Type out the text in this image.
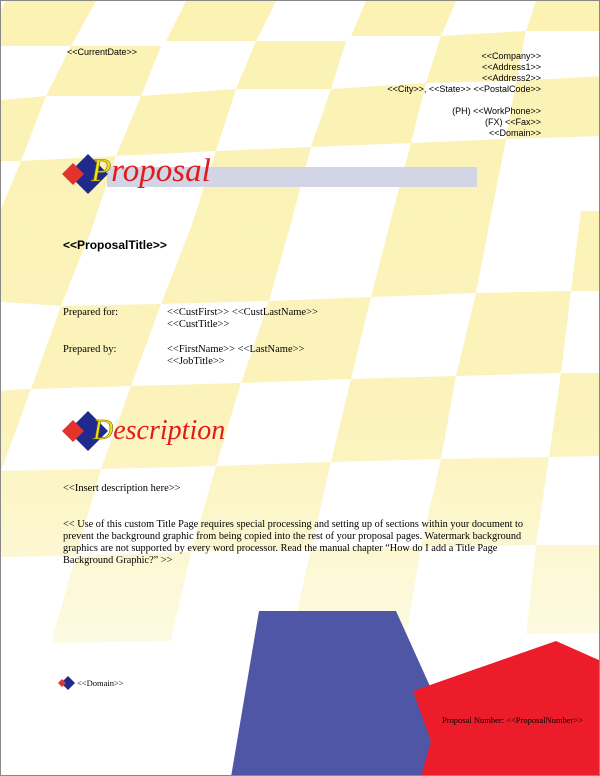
<<CurrentDate>>	<<Company>>
<<Address1>>
<<Address2>>
<<City>>, <<State>> <<PostalCode>>
(PH) <<WorkPhone>>
(FX) <<Fax>>
<<Domain>>
Proposal
<<ProposalTitle>>
Prepared for:	<<CustFirst>> <<CustLastName>>
<<CustTitle>>
Prepared by:	<<FirstName>> <<LastName>>
<<JobTitle>>
Description
<<Insert description here>>
<< Use of this custom Title Page requires special processing and setting up of sections within your document to prevent the background graphic from being copied into the rest of your proposal pages. Watermark background graphics are not supported by every word processor. Read the manual chapter “How do I add a Title Page Background Graphic?” >>
<<Domain>>
Proposal Number: <<ProposalNumber>>
